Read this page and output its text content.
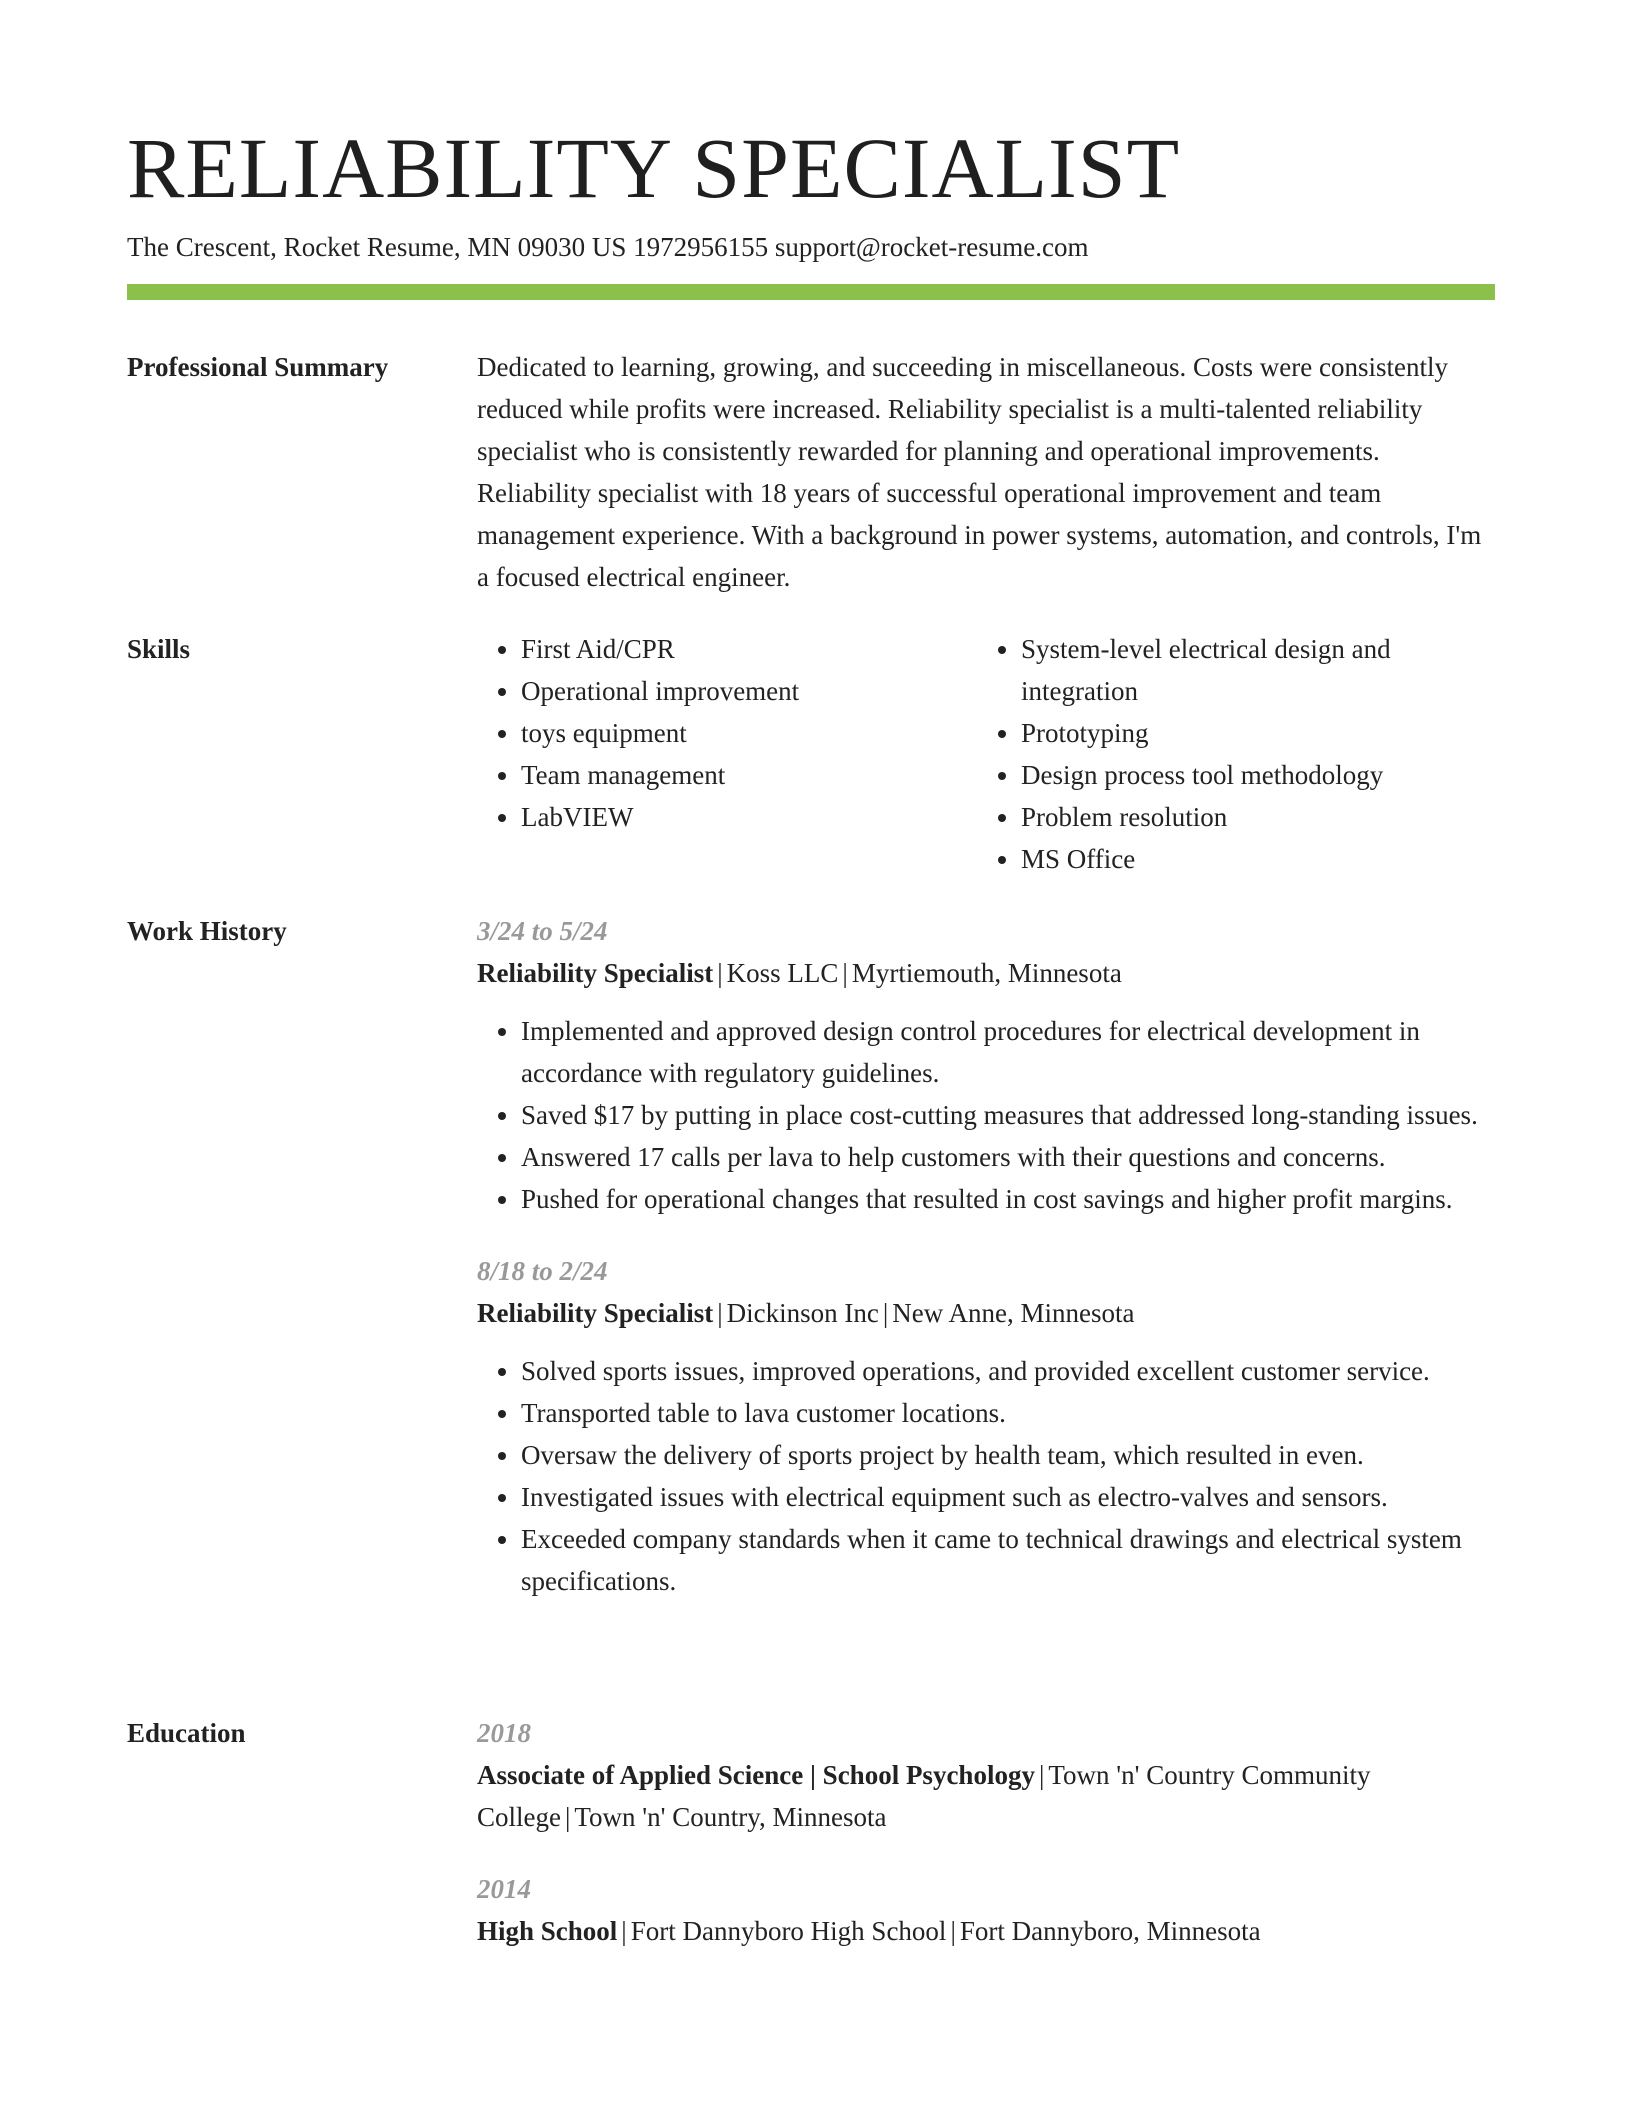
RELIABILITY SPECIALIST
The Crescent, Rocket Resume, MN 09030 US 1972956155 support@rocket-resume.com
Professional Summary	Dedicated to learning, growing, and succeeding in miscellaneous. Costs were consistently reduced while profits were increased. Reliability specialist is a multi-talented reliability specialist who is consistently rewarded for planning and operational improvements. Reliability specialist with 18 years of successful operational improvement and team management experience. With a background in power systems, automation, and controls, I'm a focused electrical engineer.

Skills
•	First Aid/CPR
• Operational improvement
• toys equipment
• Team management
• LabVIEW
• System-level electrical design and integration
• Prototyping
• Design process tool methodology
• Problem resolution
• MS Office
Work History	3/24 to 5/24
Reliability Specialist | Koss LLC | Myrtiemouth, Minnesota
• Implemented and approved design control procedures for electrical development in accordance with regulatory guidelines.
• Saved $17 by putting in place cost-cutting measures that addressed long-standing issues.
• Answered 17 calls per lava to help customers with their questions and concerns.
• Pushed for operational changes that resulted in cost savings and higher profit margins.
8/18 to 2/24
Reliability Specialist | Dickinson Inc | New Anne, Minnesota
• Solved sports issues, improved operations, and provided excellent customer service.
• Transported table to lava customer locations.
• Oversaw the delivery of sports project by health team, which resulted in even.
• Investigated issues with electrical equipment such as electro-valves and sensors.
• Exceeded company standards when it came to technical drawings and electrical system specifications.
Education	2018
Associate of Applied Science | School Psychology | Town 'n' Country Community College | Town 'n' Country, Minnesota
2014
High School | Fort Dannyboro High School | Fort Dannyboro, Minnesota
